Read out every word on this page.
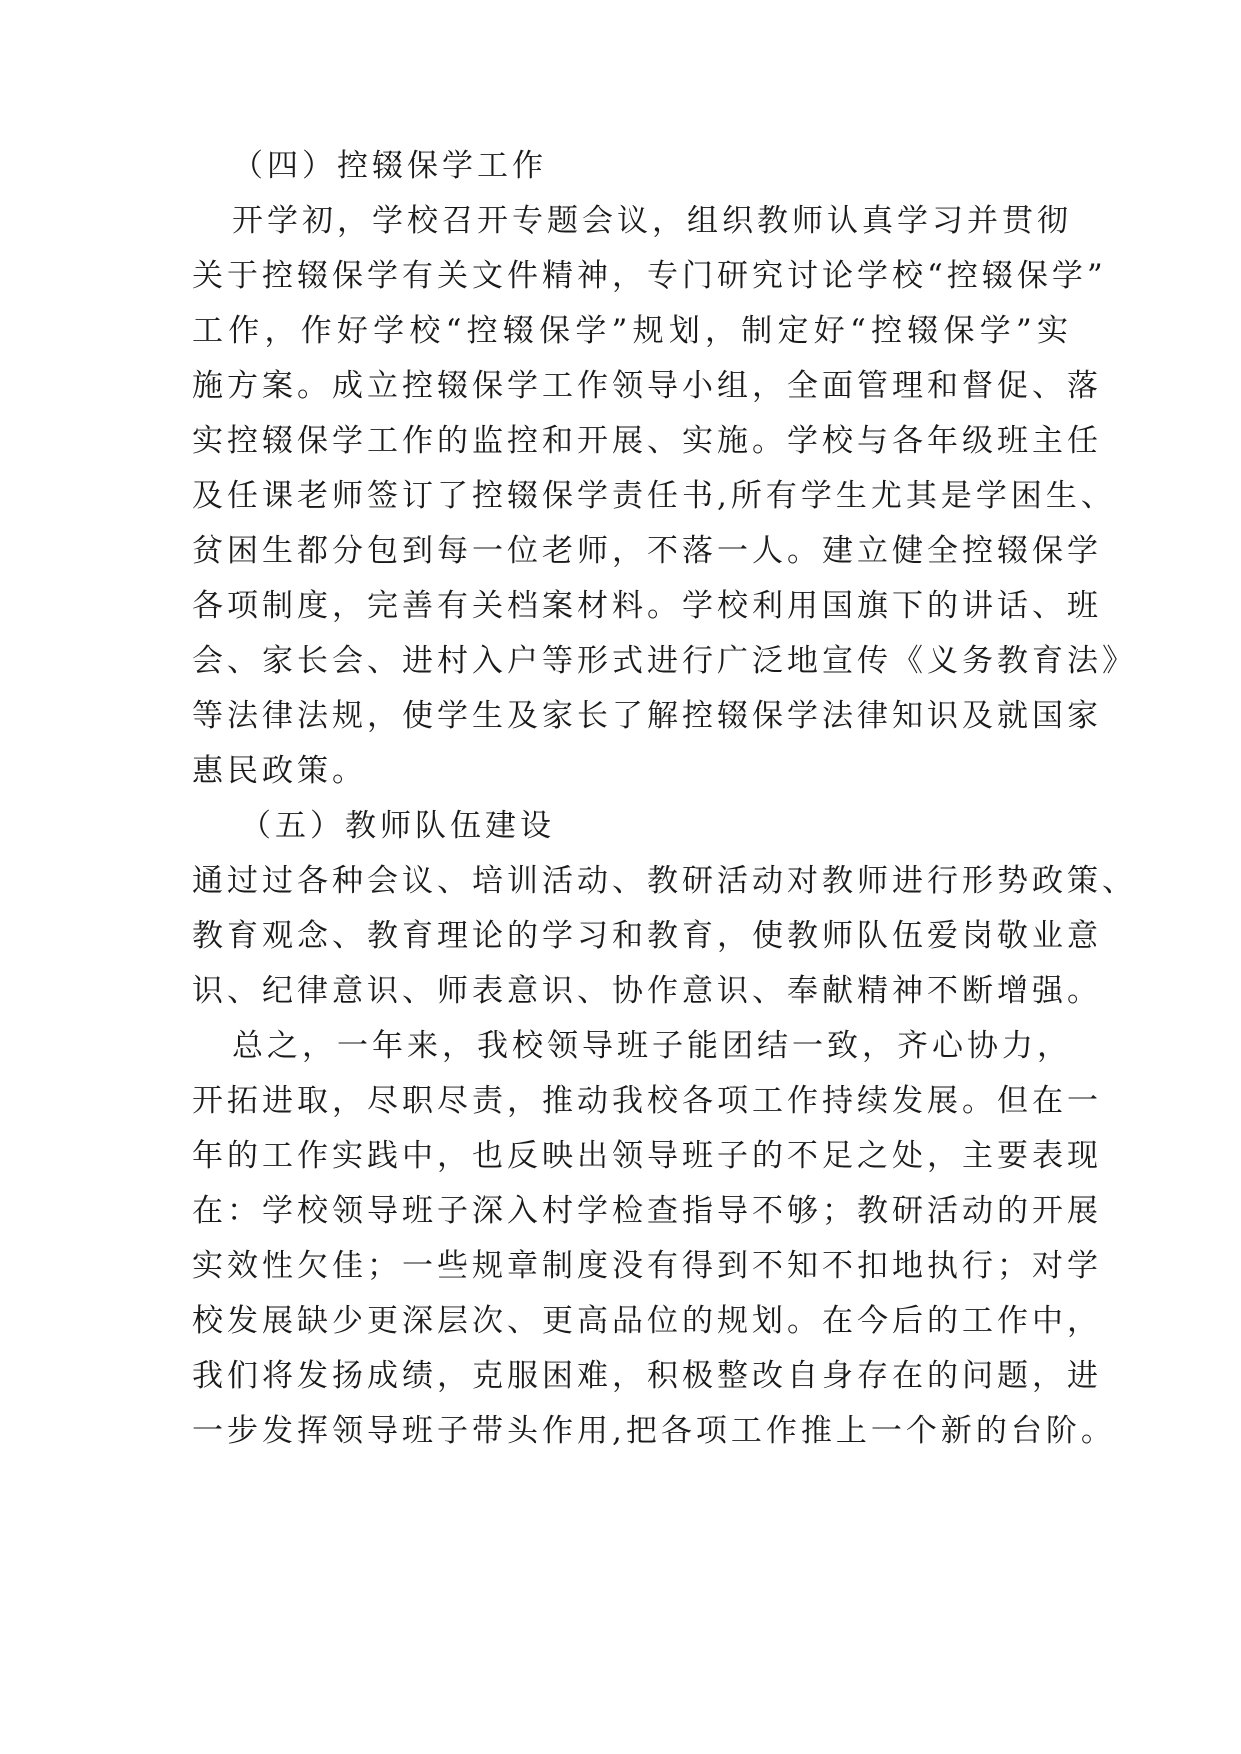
（四）控辍保学工作
开学初，学校召开专题会议，组织教师认真学习并贯彻
关于控辍保学有关文件精神，专门研究讨论学校“控辍保学”
工作，作好学校“控辍保学”规划，制定好“控辍保学”实
施方案。成立控辍保学工作领导小组，全面管理和督促、落
实控辍保学工作的监控和开展、实施。学校与各年级班主任
及任课老师签订了控辍保学责任书,所有学生尤其是学困生、
贫困生都分包到每一位老师，不落一人。建立健全控辍保学
各项制度，完善有关档案材料。学校利用国旗下的讲话、班
会、家长会、进村入户等形式进行广泛地宣传《义务教育法》
等法律法规，使学生及家长了解控辍保学法律知识及就国家
惠民政策。
（五）教师队伍建设
通过过各种会议、培训活动、教研活动对教师进行形势政策、
教育观念、教育理论的学习和教育，使教师队伍爱岗敬业意
识、纪律意识、师表意识、协作意识、奉献精神不断增强。
总之，一年来，我校领导班子能团结一致，齐心协力，
开拓进取，尽职尽责，推动我校各项工作持续发展。但在一
年的工作实践中，也反映出领导班子的不足之处，主要表现
在：学校领导班子深入村学检查指导不够；教研活动的开展
实效性欠佳；一些规章制度没有得到不知不扣地执行；对学
校发展缺少更深层次、更高品位的规划。在今后的工作中，
我们将发扬成绩，克服困难，积极整改自身存在的问题，进
一步发挥领导班子带头作用,把各项工作推上一个新的台阶。
